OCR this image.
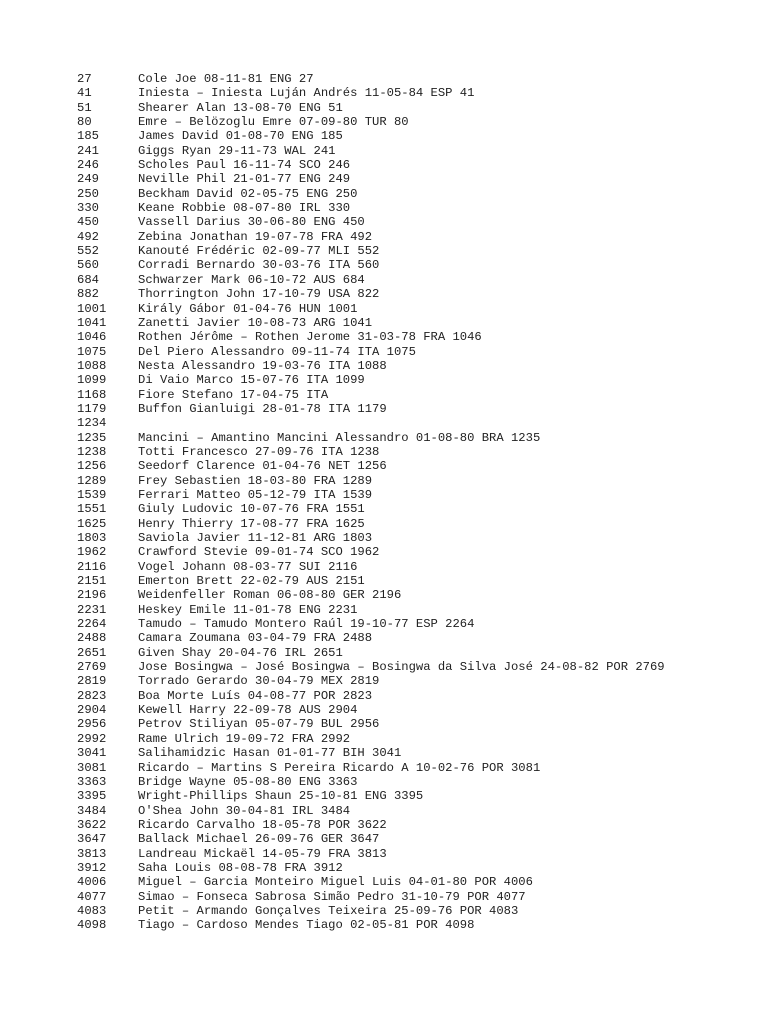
27	Cole Joe 08-11-81 ENG 27
41	Iniesta – Iniesta Luján Andrés 11-05-84 ESP 41
51	Shearer Alan 13-08-70 ENG 51
80	Emre – Belözoglu Emre 07-09-80 TUR 80
185	James David 01-08-70 ENG 185
241	Giggs Ryan 29-11-73 WAL 241
246	Scholes Paul 16-11-74 SCO 246
249	Neville Phil 21-01-77 ENG 249
250	Beckham David 02-05-75 ENG 250
330	Keane Robbie 08-07-80 IRL 330
450	Vassell Darius 30-06-80 ENG 450
492	Zebina Jonathan 19-07-78 FRA 492
552	Kanouté Frédéric 02-09-77 MLI 552
560	Corradi Bernardo 30-03-76 ITA 560
684	Schwarzer Mark 06-10-72 AUS 684
882	Thorrington John 17-10-79 USA 822
1001	Király Gábor 01-04-76 HUN 1001
1041	Zanetti Javier 10-08-73 ARG 1041
1046	Rothen Jérôme – Rothen Jerome 31-03-78 FRA 1046
1075	Del Piero Alessandro 09-11-74 ITA 1075
1088	Nesta Alessandro 19-03-76 ITA 1088
1099	Di Vaio Marco 15-07-76 ITA 1099
1168	Fiore Stefano 17-04-75 ITA
1179	Buffon Gianluigi 28-01-78 ITA 1179
1234
1235	Mancini – Amantino Mancini Alessandro 01-08-80 BRA 1235
1238	Totti Francesco 27-09-76 ITA 1238
1256	Seedorf Clarence 01-04-76 NET 1256
1289	Frey Sebastien 18-03-80 FRA 1289
1539	Ferrari Matteo 05-12-79 ITA 1539
1551	Giuly Ludovic 10-07-76 FRA 1551
1625	Henry Thierry 17-08-77 FRA 1625
1803	Saviola Javier 11-12-81 ARG 1803
1962	Crawford Stevie 09-01-74 SCO 1962
2116	Vogel Johann 08-03-77 SUI 2116
2151	Emerton Brett 22-02-79 AUS 2151
2196	Weidenfeller Roman 06-08-80 GER 2196
2231	Heskey Emile 11-01-78 ENG 2231
2264	Tamudo – Tamudo Montero Raúl 19-10-77 ESP 2264
2488	Camara Zoumana 03-04-79 FRA 2488
2651	Given Shay 20-04-76 IRL 2651
2769	Jose Bosingwa – José Bosingwa – Bosingwa da Silva José 24-08-82 POR 2769
2819	Torrado Gerardo 30-04-79 MEX 2819
2823	Boa Morte Luís 04-08-77 POR 2823
2904	Kewell Harry 22-09-78 AUS 2904
2956	Petrov Stiliyan 05-07-79 BUL 2956
2992	Rame Ulrich 19-09-72 FRA 2992
3041	Salihamidzic Hasan 01-01-77 BIH 3041
3081	Ricardo – Martins S Pereira Ricardo A 10-02-76 POR 3081
3363	Bridge Wayne 05-08-80 ENG 3363
3395	Wright-Phillips Shaun 25-10-81 ENG 3395
3484	O'Shea John 30-04-81 IRL 3484
3622	Ricardo Carvalho 18-05-78 POR 3622
3647	Ballack Michael 26-09-76 GER 3647
3813	Landreau Mickaël 14-05-79 FRA 3813
3912	Saha Louis 08-08-78 FRA 3912
4006	Miguel – Garcia Monteiro Miguel Luis 04-01-80 POR 4006
4077	Simao – Fonseca Sabrosa Simão Pedro 31-10-79 POR 4077
4083	Petit – Armando Gonçalves Teixeira 25-09-76 POR 4083
4098	Tiago – Cardoso Mendes Tiago 02-05-81 POR 4098
